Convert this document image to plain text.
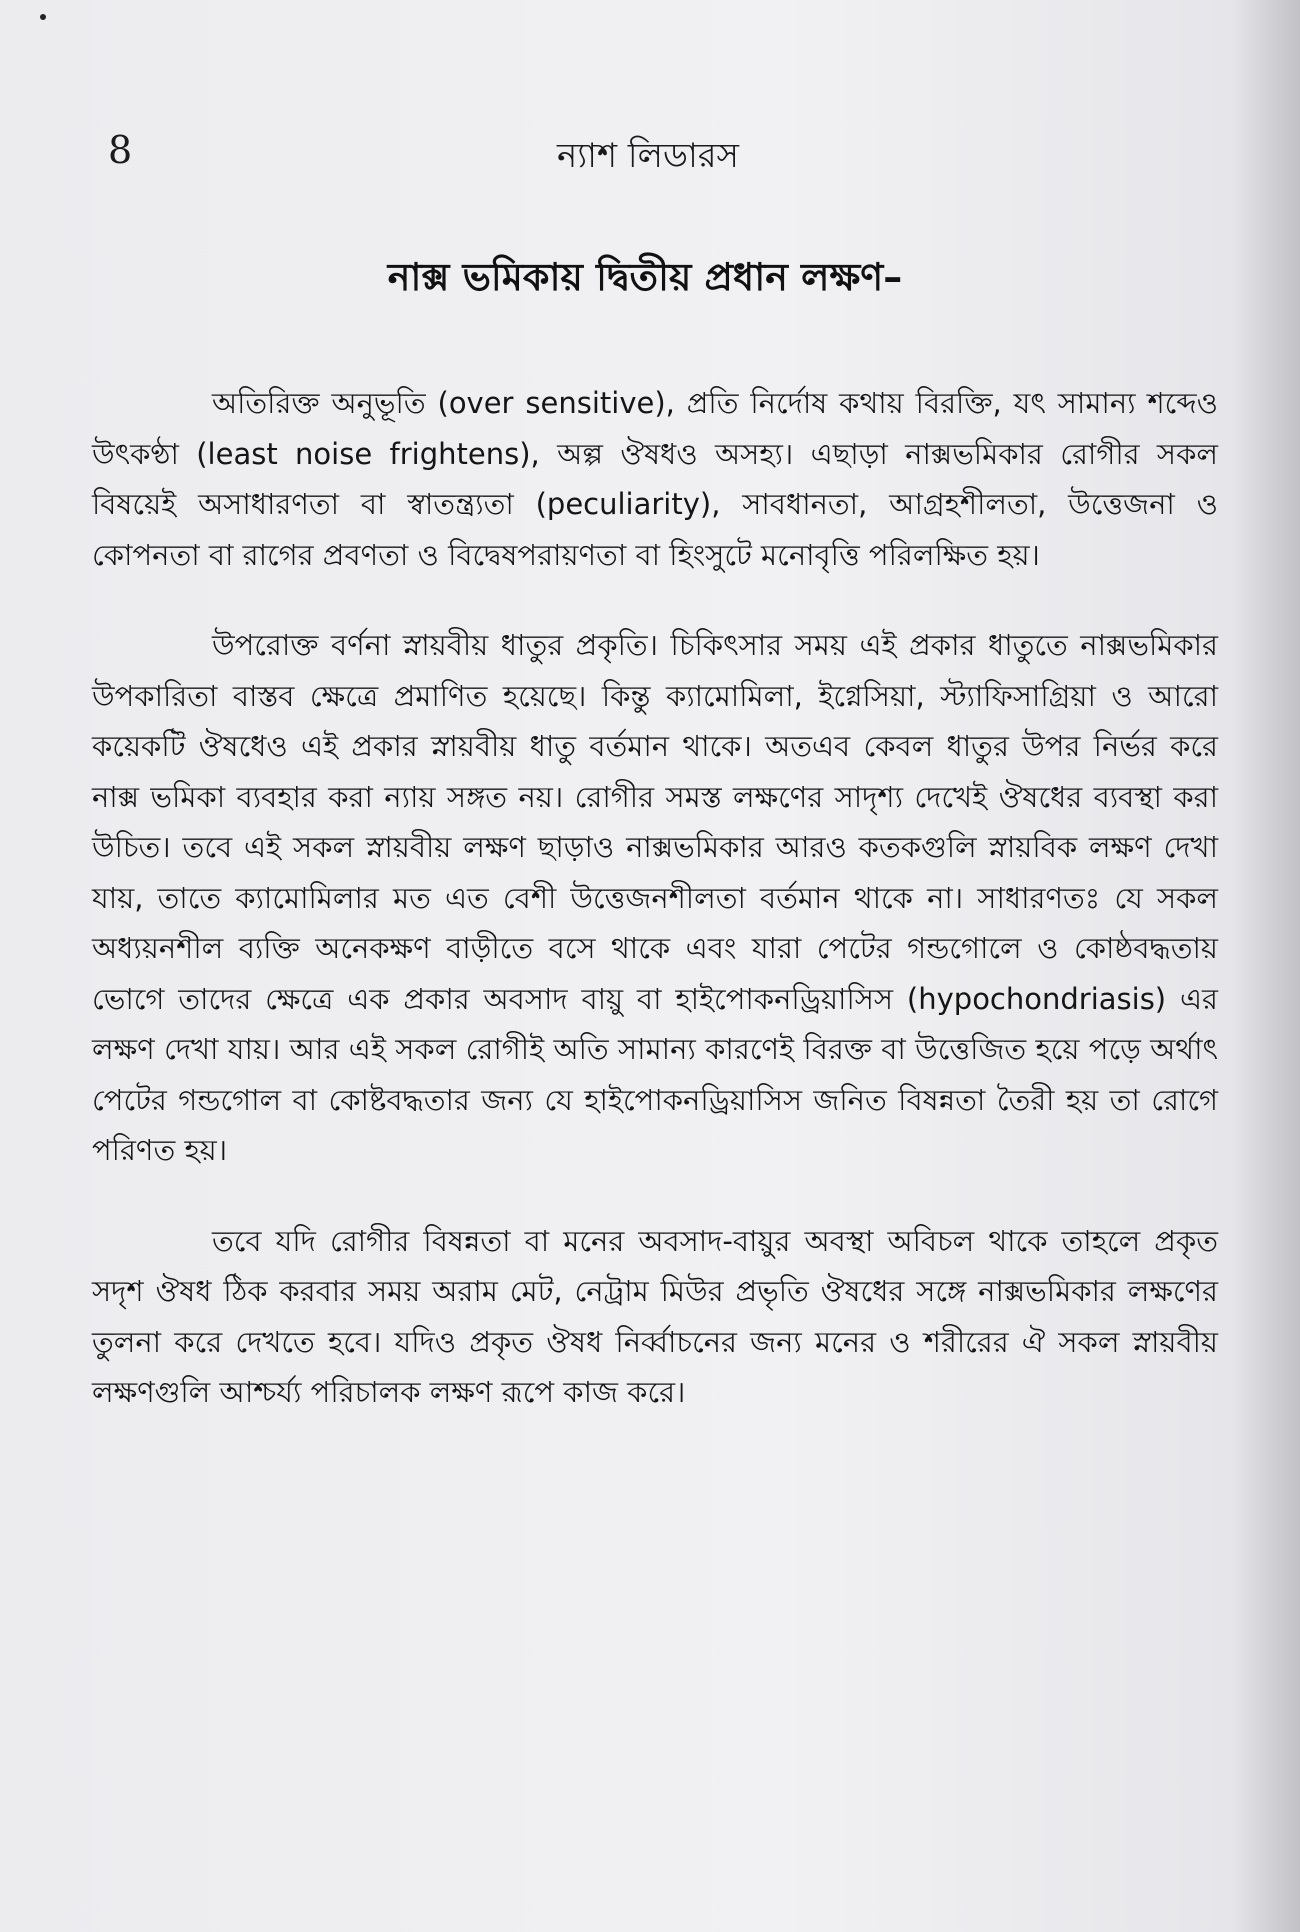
8	ন্যাশ লিডারস
নাক্স ভমিকায় দ্বিতীয় প্রধান লক্ষণ–

অতিরিক্ত অনুভূতি (over sensitive), প্রতি নির্দোষ কথায় বিরক্তি, যৎ সামান্য শব্দেও উৎকণ্ঠা (least noise frightens), অল্প ঔষধও অসহ্য। এছাড়া নাক্সভমিকার রোগীর সকল বিষয়েই অসাধারণতা বা স্বাতন্ত্র্যতা (peculiarity), সাবধানতা, আগ্রহশীলতা, উত্তেজনা ও কোপনতা বা রাগের প্রবণতা ও বিদ্বেষপরায়ণতা বা হিংসুটে মনোবৃত্তি পরিলক্ষিত হয়।

উপরোক্ত বর্ণনা স্নায়বীয় ধাতুর প্রকৃতি। চিকিৎসার সময় এই প্রকার ধাতুতে নাক্সভমিকার উপকারিতা বাস্তব ক্ষেত্রে প্রমাণিত হয়েছে। কিন্তু ক্যামোমিলা, ইগ্নেসিয়া, স্ট্যাফিসাগ্রিয়া ও আরো কয়েকটি ঔষধেও এই প্রকার স্নায়বীয় ধাতু বর্তমান থাকে। অতএব কেবল ধাতুর উপর নির্ভর করে নাক্স ভমিকা ব্যবহার করা ন্যায় সঙ্গত নয়। রোগীর সমস্ত লক্ষণের সাদৃশ্য দেখেই ঔষধের ব্যবস্থা করা উচিত। তবে এই সকল স্নায়বীয় লক্ষণ ছাড়াও নাক্সভমিকার আরও কতকগুলি স্নায়বিক লক্ষণ দেখা যায়, তাতে ক্যামোমিলার মত এত বেশী উত্তেজনশীলতা বর্তমান থাকে না। সাধারণতঃ যে সকল অধ্যয়নশীল ব্যক্তি অনেকক্ষণ বাড়ীতে বসে থাকে এবং যারা পেটের গন্ডগোলে ও কোষ্ঠবদ্ধতায় ভোগে তাদের ক্ষেত্রে এক প্রকার অবসাদ বায়ু বা হাইপোকনড্রিয়াসিস (hypochondriasis) এর লক্ষণ দেখা যায়। আর এই সকল রোগীই অতি সামান্য কারণেই বিরক্ত বা উত্তেজিত হয়ে পড়ে অর্থাৎ পেটের গন্ডগোল বা কোষ্টবদ্ধতার জন্য যে হাইপোকনড্রিয়াসিস জনিত বিষন্নতা তৈরী হয় তা রোগে পরিণত হয়।

তবে যদি রোগীর বিষন্নতা বা মনের অবসাদ-বায়ুর অবস্থা অবিচল থাকে তাহলে প্রকৃত সদৃশ ঔষধ ঠিক করবার সময় অরাম মেট, নেট্রাম মিউর প্রভৃতি ঔষধের সঙ্গে নাক্সভমিকার লক্ষণের তুলনা করে দেখতে হবে। যদিও প্রকৃত ঔষধ নির্ব্বাচনের জন্য মনের ও শরীরের ঐ সকল স্নায়বীয় লক্ষণগুলি আশ্চর্য্য পরিচালক লক্ষণ রূপে কাজ করে।
